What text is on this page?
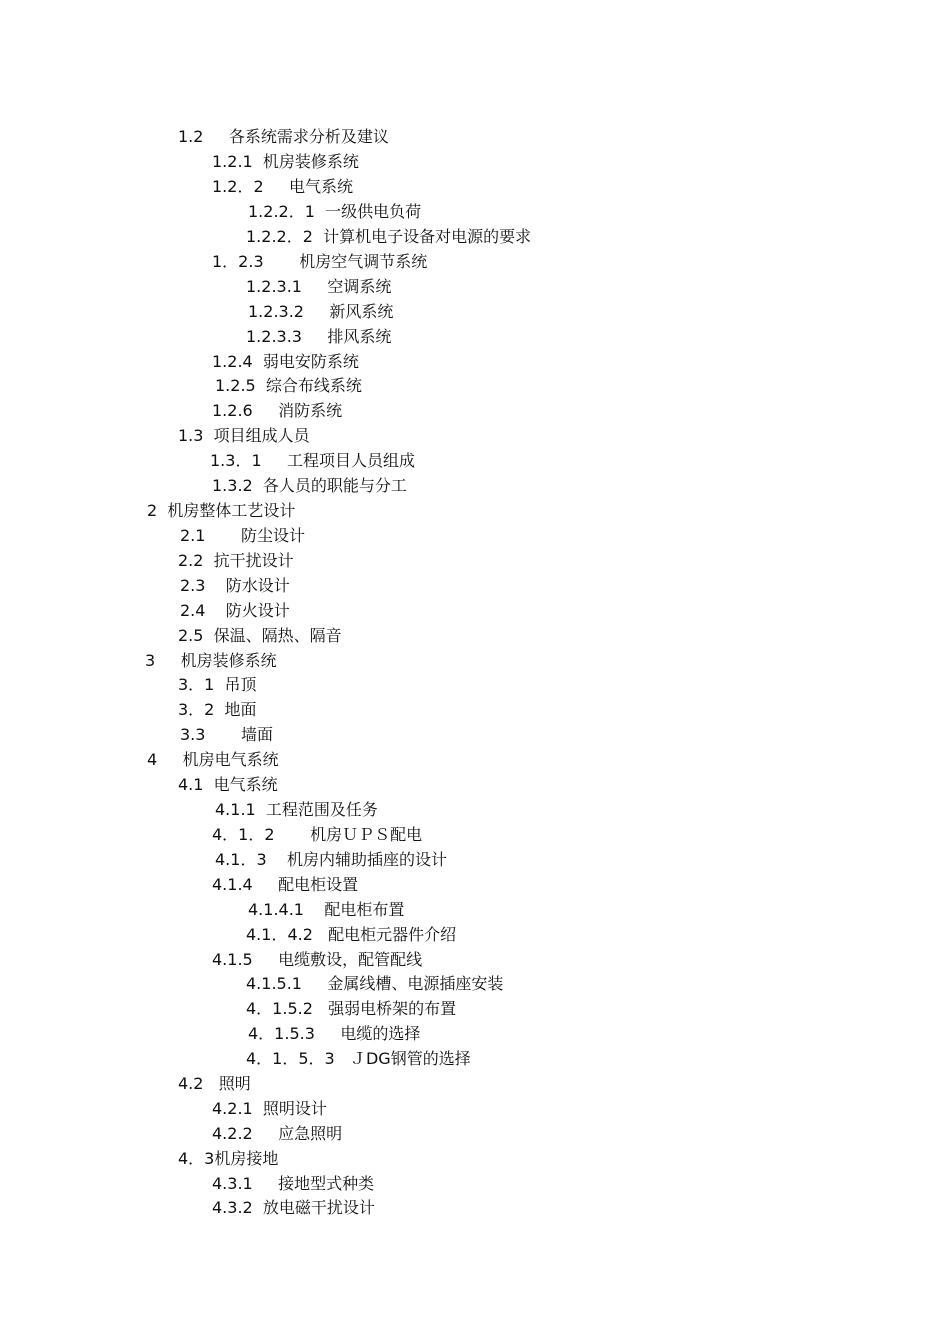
1.2     各系统需求分析及建议
1.2.1  机房装修系统
1.2．2     电气系统
1.2.2．1  一级供电负荷
1.2.2．2  计算机电子设备对电源的要求
1．2.3       机房空气调节系统
1.2.3.1     空调系统
1.2.3.2     新风系统
1.2.3.3     排风系统
1.2.4  弱电安防系统
1.2.5  综合布线系统
1.2.6     消防系统
1.3  项目组成人员
1.3．1     工程项目人员组成
1.3.2  各人员的职能与分工
2  机房整体工艺设计
2.1       防尘设计
2.2  抗干扰设计
2.3    防水设计
2.4    防火设计
2.5  保温、隔热、隔音
3     机房装修系统
3．1  吊顶
3．2  地面
3.3       墙面
4     机房电气系统
4.1  电气系统
4.1.1  工程范围及任务
4．1．2       机房ＵＰＳ配电
4.1．3    机房内辅助插座的设计
4.1.4     配电柜设置
4.1.4.1    配电柜布置
4.1．4.2   配电柜元器件介绍
4.1.5     电缆敷设，配管配线
4.1.5.1     金属线槽、电源插座安装
4．1.5.2   强弱电桥架的布置
4．1.5.3     电缆的选择
4．1．5．3   ＪDG钢管的选择
4.2   照明
4.2.1  照明设计
4.2.2     应急照明
4．3机房接地
4.3.1     接地型式种类
4.3.2  放电磁干扰设计
